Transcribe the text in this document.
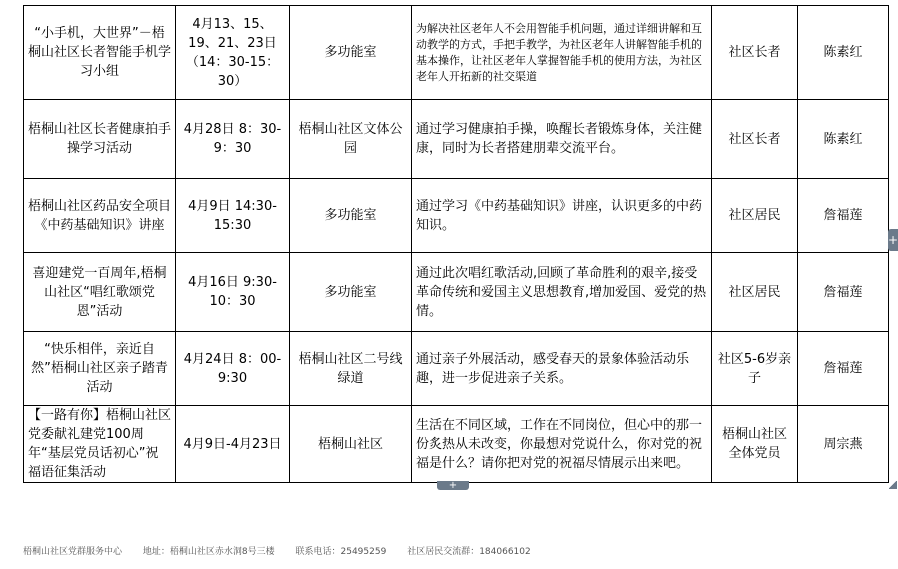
“小手机，大世界”－梧桐山社区长者智能手机学习小组	4月13、15、19、21、23日（14：30-15：30）	多功能室	为解决社区老年人不会用智能手机问题，通过详细讲解和互动教学的方式，手把手教学，为社区老年人讲解智能手机的基本操作，让社区老年人掌握智能手机的使用方法，为社区老年人开拓新的社交渠道	社区长者	陈素红
梧桐山社区长者健康拍手操学习活动	4月28日 8：30-9：30	梧桐山社区文体公园	通过学习健康拍手操，唤醒长者锻炼身体，关注健康，同时为长者搭建朋辈交流平台。	社区长者	陈素红
梧桐山社区药品安全项目《中药基础知识》讲座	4月9日 14:30-15:30	多功能室	通过学习《中药基础知识》讲座，认识更多的中药知识。	社区居民	詹福莲
喜迎建党一百周年,梧桐山社区“唱红歌颂党恩”活动	4月16日 9:30-10：30	多功能室	通过此次唱红歌活动,回顾了革命胜利的艰辛,接受革命传统和爱国主义思想教育,增加爱国、爱党的热情。	社区居民	詹福莲
“快乐相伴，亲近自然”梧桐山社区亲子踏青活动	4月24日 8：00-9:30	梧桐山社区二号线绿道	通过亲子外展活动，感受春天的景象体验活动乐趣，进一步促进亲子关系。	社区5-6岁亲子	詹福莲
【一路有你】梧桐山社区党委献礼建党100周年“基层党员话初心”祝福语征集活动	4月9日-4月23日	梧桐山社区	生活在不同区域，工作在不同岗位，但心中的那一份炙热从未改变，你最想对党说什么，你对党的祝福是什么？请你把对党的祝福尽情展示出来吧。	梧桐山社区全体党员	周宗燕
+
+
梧桐山社区党群服务中心 地址：梧桐山社区赤水洞8号三楼 联系电话：25495259 社区居民交流群：184066102
